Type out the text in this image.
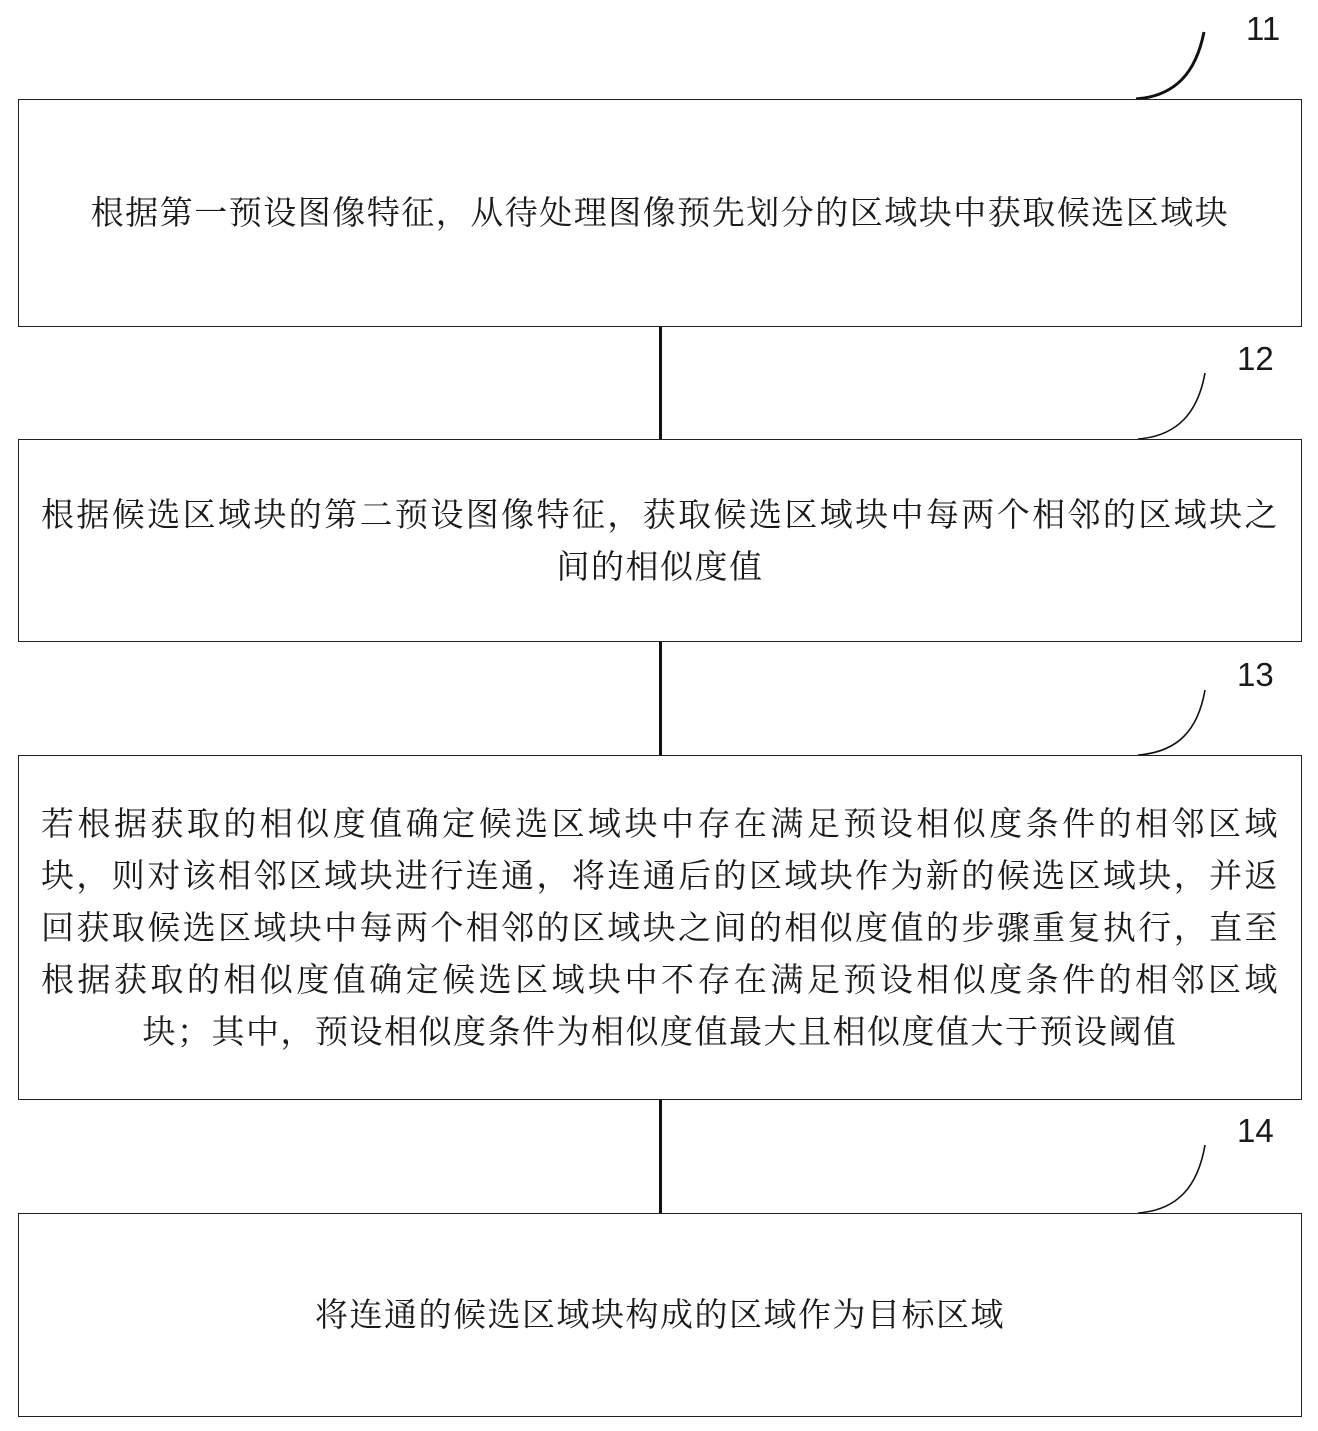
11
12
13
14
根据第一预设图像特征，从待处理图像预先划分的区域块中获取候选区域块
根据候选区域块的第二预设图像特征，获取候选区域块中每两个相邻的区域块之间的相似度值
若根据获取的相似度值确定候选区域块中存在满足预设相似度条件的相邻区域块，则对该相邻区域块进行连通，将连通后的区域块作为新的候选区域块，并返回获取候选区域块中每两个相邻的区域块之间的相似度值的步骤重复执行，直至根据获取的相似度值确定候选区域块中不存在满足预设相似度条件的相邻区域块；其中，预设相似度条件为相似度值最大且相似度值大于预设阈值
将连通的候选区域块构成的区域作为目标区域
